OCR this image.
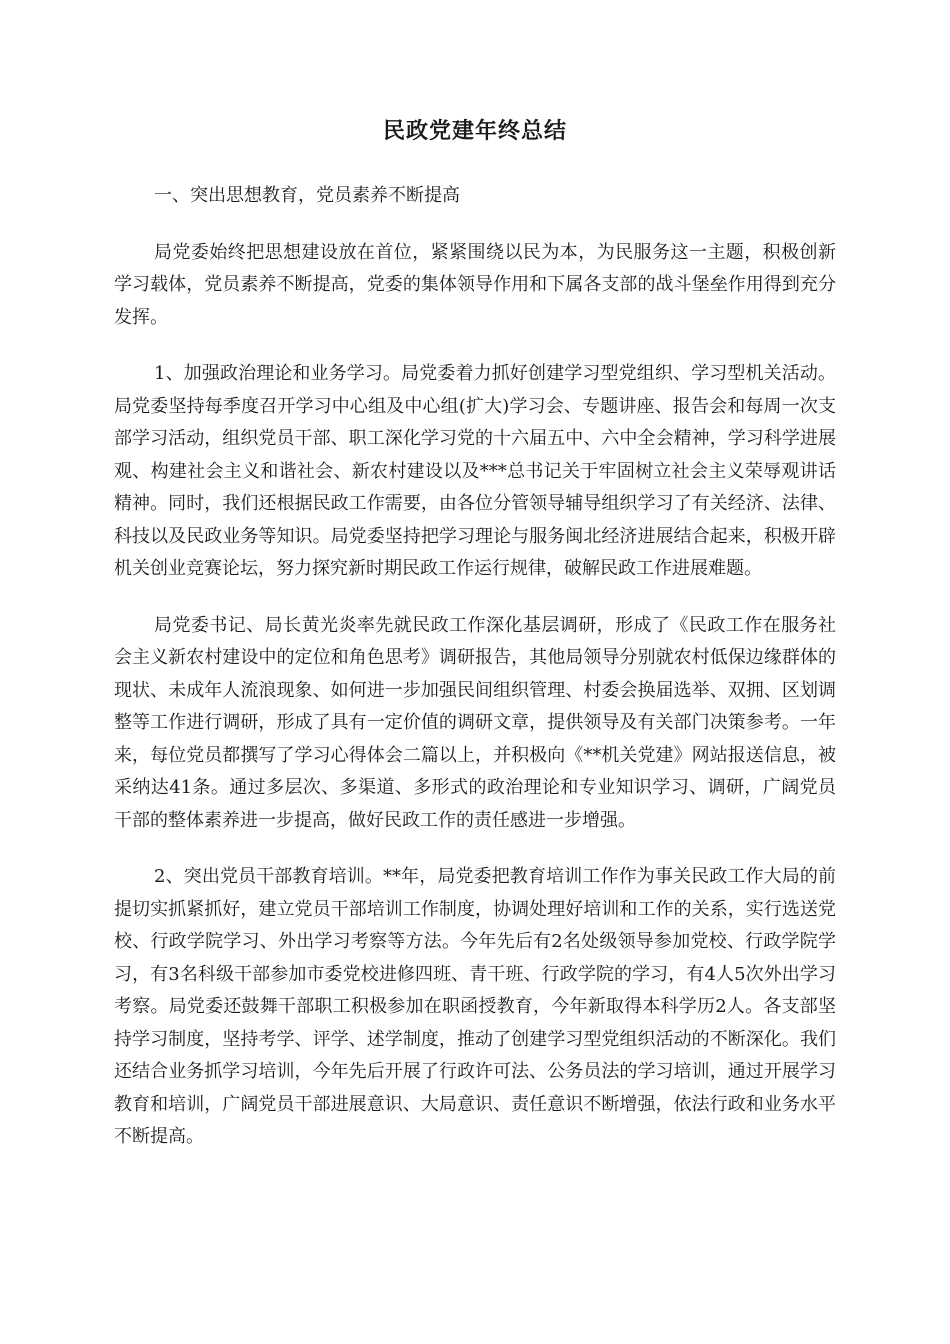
民政党建年终总结

一、突出思想教育，党员素养不断提高

局党委始终把思想建设放在首位，紧紧围绕以民为本，为民服务这一主题，积极创新学习载体，党员素养不断提高，党委的集体领导作用和下属各支部的战斗堡垒作用得到充分发挥。

1、加强政治理论和业务学习。局党委着力抓好创建学习型党组织、学习型机关活动。局党委坚持每季度召开学习中心组及中心组(扩大)学习会、专题讲座、报告会和每周一次支部学习活动，组织党员干部、职工深化学习党的十六届五中、六中全会精神，学习科学进展观、构建社会主义和谐社会、新农村建设以及***总书记关于牢固树立社会主义荣辱观讲话精神。同时，我们还根据民政工作需要，由各位分管领导辅导组织学习了有关经济、法律、科技以及民政业务等知识。局党委坚持把学习理论与服务闽北经济进展结合起来，积极开辟机关创业竞赛论坛，努力探究新时期民政工作运行规律，破解民政工作进展难题。

局党委书记、局长黄光炎率先就民政工作深化基层调研，形成了《民政工作在服务社会主义新农村建设中的定位和角色思考》调研报告，其他局领导分别就农村低保边缘群体的现状、未成年人流浪现象、如何进一步加强民间组织管理、村委会换届选举、双拥、区划调整等工作进行调研，形成了具有一定价值的调研文章，提供领导及有关部门决策参考。一年来，每位党员都撰写了学习心得体会二篇以上，并积极向《**机关党建》网站报送信息，被采纳达41条。通过多层次、多渠道、多形式的政治理论和专业知识学习、调研，广阔党员干部的整体素养进一步提高，做好民政工作的责任感进一步增强。

2、突出党员干部教育培训。**年，局党委把教育培训工作作为事关民政工作大局的前提切实抓紧抓好，建立党员干部培训工作制度，协调处理好培训和工作的关系，实行选送党校、行政学院学习、外出学习考察等方法。今年先后有2名处级领导参加党校、行政学院学习，有3名科级干部参加市委党校进修四班、青干班、行政学院的学习，有4人5次外出学习考察。局党委还鼓舞干部职工积极参加在职函授教育，今年新取得本科学历2人。各支部坚持学习制度，坚持考学、评学、述学制度，推动了创建学习型党组织活动的不断深化。我们还结合业务抓学习培训，今年先后开展了行政许可法、公务员法的学习培训，通过开展学习教育和培训，广阔党员干部进展意识、大局意识、责任意识不断增强，依法行政和业务水平不断提高。
